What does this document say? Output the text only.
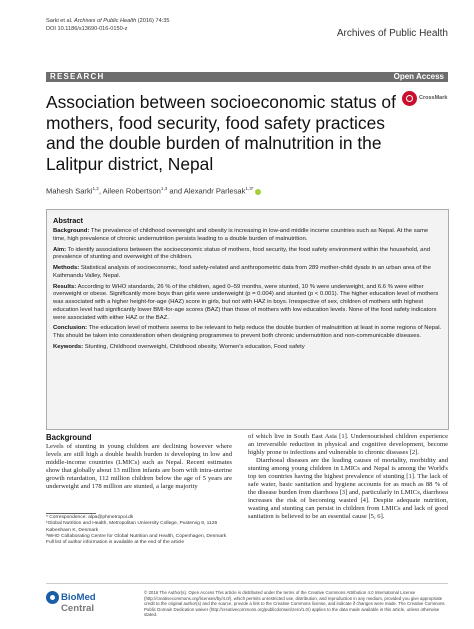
Sarki et al. Archives of Public Health (2016) 74:35
DOI 10.1186/s13690-016-0150-z	Archives of Public Health
RESEARCH	Open Access
Association between socioeconomic status of mothers, food security, food safety practices and the double burden of malnutrition in the Lalitpur district, Nepal
CrossMark
Mahesh Sarki$^{1,2}$, Aileen Robertson$^{1,3}$ and Alexandr Parlesak$^{1,3*}$
Abstract

Background: The prevalence of childhood overweight and obesity is increasing in low-and middle income countries such as Nepal. At the same time, high prevalence of chronic undernutrition persists leading to a double burden of malnutrition.

Aim: To identify associations between the socioeconomic status of mothers, food security, the food safety environment within the household, and prevalence of stunting and overweight of the children.

Methods: Statistical analysis of socioeconomic, food safety-related and anthropometric data from 289 mother-child dyads in an urban area of the Kathmandu Valley, Nepal.

Results: According to WHO standards, 26 % of the children, aged 0–59 months, were stunted, 10 % were underweight, and 6.6 % were either overweight or obese. Significantly more boys than girls were underweight (p = 0.004) and stunted (p < 0.001). The higher education level of mothers was associated with a higher height-for-age (HAZ) score in girls, but not with HAZ in boys. Irrespective of sex, children of mothers with highest education level had significantly lower BMI-for-age scores (BAZ) than those of mothers with low education levels. None of the food safety indicators were associated with either HAZ or the BAZ.

Conclusion: The education level of mothers seems to be relevant to help reduce the double burden of malnutrition at least in some regions of Nepal. This should be taken into consideration when designing programmes to prevent both chronic undernutrition and non-communicable diseases.

Keywords: Stunting, Childhood overweight, Childhood obesity, Women's education, Food safety

Background

Levels of stunting in young children are declining however where levels are still high a double health burden is developing in low and middle-income countries (LMICs) such as Nepal. Recent estimates show that globally about 13 million infants are born with intra-uterine growth retardation, 112 million children below the age of 5 years are underweight and 178 million are stunted, a large majority

of which live in South East Asia [1]. Undernourished children experience an irreversible reduction in physical and cognitive development, become highly prone to infections and vulnerable to chronic diseases [2].

Diarrhoeal diseases are the leading causes of mortality, morbidity and stunting among young children in LMICs and Nepal is among the World's top ten countries having the highest prevalence of stunting [1]. The lack of safe water, basic sanitation and hygiene accounts for as much as 88 % of the disease burden from diarrhoea [3] and, particularly in LMICs, diarrhoea increases the risk of becoming wasted [4]. Despite adequate nutrition, wasting and stunting can persist in children from LMICs and lack of good sanitation is believed to be an essential cause [5, 6].

* Correspondence: alpa@phmetropol.dk
¹Global Nutrition and Health, Metropolitan University College, Pustervig 8, 1126 København K, Denmark
³WHO Collaborating Centre for Global Nutrition and Health, Copenhagen, Denmark
Full list of author information is available at the end of the article
BioMed Central
© 2016 The Author(s). Open Access This article is distributed under the terms of the Creative Commons Attribution 4.0 International License (http://creativecommons.org/licenses/by/4.0/), which permits unrestricted use, distribution, and reproduction in any medium, provided you give appropriate credit to the original author(s) and the source, provide a link to the Creative Commons license, and indicate if changes were made. The Creative Commons Public Domain Dedication waiver (http://creativecommons.org/publicdomain/zero/1.0/) applies to the data made available in this article, unless otherwise stated.
